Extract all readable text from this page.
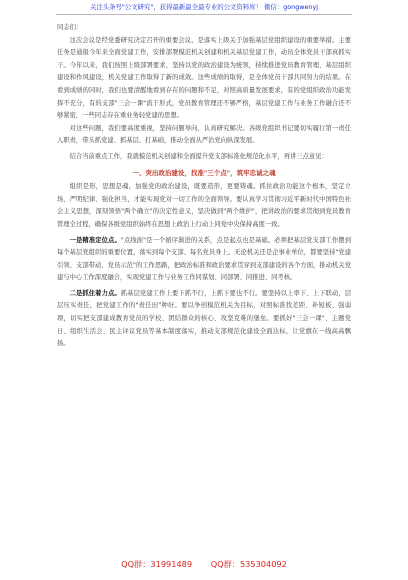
关注头条号"公文研究"，获得最新最全最专业的公文资料库！ 微信：gongwenyj

同志们：

这次会议是经党委研究决定召开的重要会议，是落实上级关于加强基层党组织建设的重要举措。主要任务是通报今年来全面党建工作，安排部署模范机关创建和机关基层党建工作，动员全体党员干部真抓实干。今年以来，我们按照上级部署要求，坚持以党的政治建设为统领，持续推进党员教育管理、基层组织建设和作风建设，机关党建工作取得了新的成效。这些成绩的取得，是全体党员干部共同努力的结果。在看到成绩的同时，我们也要清醒地看到存在的问题和不足，对照高质量发展要求，有的党组织政治功能发挥不充分，有的支部"三会一课"流于形式，党员教育管理还不够严格，基层党建工作与业务工作融合还不够紧密，一些同志存在重业务轻党建的思想。

对这些问题，我们要高度重视，坚持问题导向，认真研究解决。各级党组织书记要切实履行第一责任人职责，带头抓党建、抓基层、打基础，推动全面从严治党向纵深发展。

结合当前重点工作，我就模范机关创建和全面提升党支部标准化规范化水平，再讲三点意见：

一、突出政治建设，找准"三个点"，筑牢忠诚之魂

组织是形，思想是魂，加强党的政治建设，既要造形，更要铸魂。抓住政治功能这个根本，坚定立场、严明纪律、强化担当，才能实现党对一切工作的全面领导。要认真学习贯彻习近平新时代中国特色社会主义思想，深刻领悟"两个确立"的决定性意义，坚决做到"两个维护"，把讲政治的要求贯彻到党员教育管理全过程，确保各级党组织始终在思想上政治上行动上同党中央保持高度一致。

一是精准定位点。"点线面"是一个循序渐进的关系，点是起点也是基础。必须把基层党支部工作摆到每个基层党组织的重要位置，落实到每个支部、每名党员身上。无论机关还是企事业单位，都要坚持"党建引领、支部带动、党员示范"的工作思路，把政治标准和政治要求贯穿到支部建设的各个方面，推动机关党建与中心工作深度融合，实现党建工作与业务工作同谋划、同部署、同推进、同考核。

二是抓住着力点。抓基层党建工作上要下抓不行，上抓下要也不行。要坚持以上率下、上下联动，层层压实责任，把党建工作的"责任田"种好。要以争创模范机关为目标，对照标准找差距、补短板、强弱项，切实把支部建成教育党员的学校、团结群众的核心、攻坚克难的堡垒。要抓好"三会一课"、主题党日、组织生活会、民主评议党员等基本制度落实，推动支部规范化建设全面达标，让党旗在一线高高飘扬。

QQ群：31991489 QQ群：535304092
